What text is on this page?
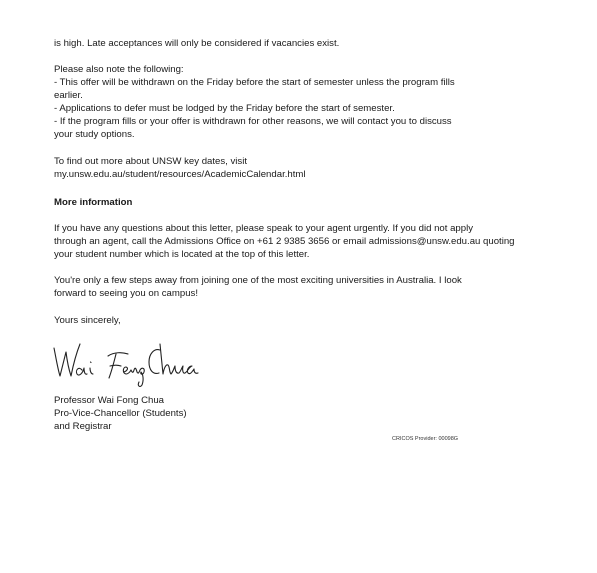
is high. Late acceptances will only be considered if vacancies exist.
Please also note the following:
- This offer will be withdrawn on the Friday before the start of semester unless the program fills
earlier.
- Applications to defer must be lodged by the Friday before the start of semester.
- If the program fills or your offer is withdrawn for other reasons, we will contact you to discuss
your study options.
To find out more about UNSW key dates, visit
my.unsw.edu.au/student/resources/AcademicCalendar.html
More information
If you have any questions about this letter, please speak to your agent urgently. If you did not apply
through an agent, call the Admissions Office on +61 2 9385 3656 or email admissions@unsw.edu.au quoting
your student number which is located at the top of this letter.
You're only a few steps away from joining one of the most exciting universities in Australia. I look
forward to seeing you on campus!
Yours sincerely,
Professor Wai Fong Chua
Pro-Vice-Chancellor (Students)
and Registrar
CRICOS Provider: 00098G
